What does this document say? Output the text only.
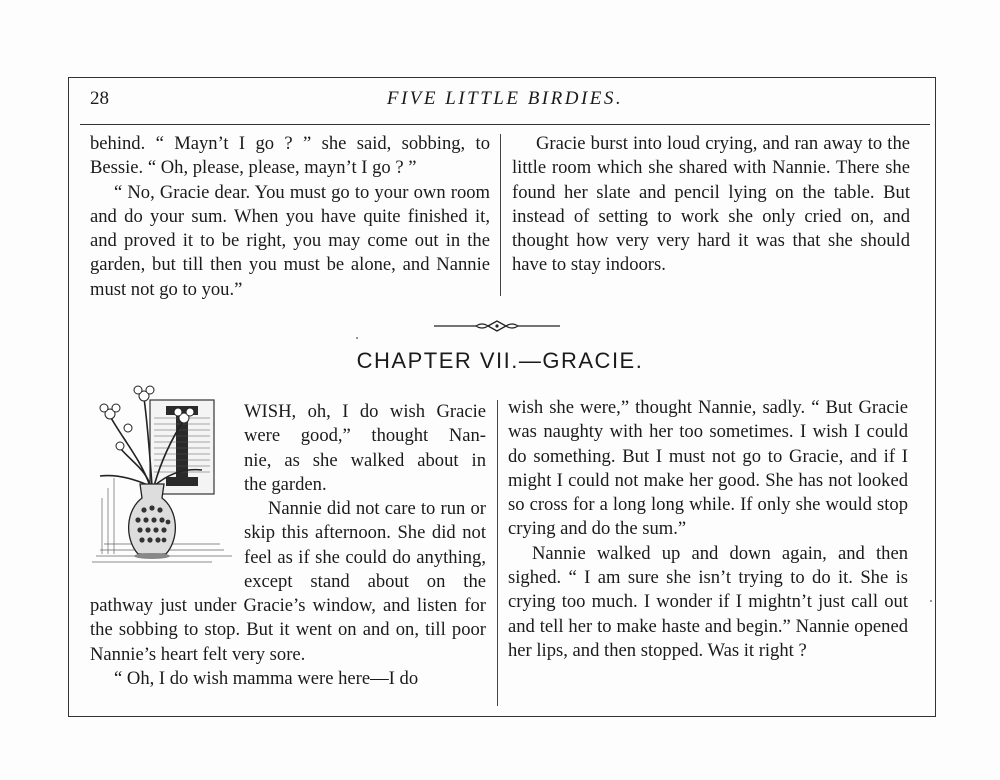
28	FIVE LITTLE BIRDIES.

behind. “ Mayn’t I go ? ” she said, sobbing, to Bessie. “ Oh, please, please, mayn’t I go ? ”

“ No, Gracie dear. You must go to your own room and do your sum. When you have quite finished it, and proved it to be right, you may come out in the garden, but till then you must be alone, and Nannie must not go to you.”

Gracie burst into loud crying, and ran away to the little room which she shared with Nannie. There she found her slate and pencil lying on the table. But instead of setting to work she only cried on, and thought how very very hard it was that she should have to stay indoors.

CHAPTER VII.—GRACIE.
WISH, oh, I do wish Gracie
were good,” thought Nan-
nie, as she walked about in
the garden.

Nannie did not care to run or skip this afternoon. She did not feel as if she could do anything, except stand about on the pathway just under Gracie’s window, and listen for the sobbing to stop. But it went on and on, till poor Nannie’s heart felt very sore.

“ Oh, I do wish mamma were here—I do

wish she were,” thought Nannie, sadly. “ But Gracie was naughty with her too sometimes. I wish I could do something. But I must not go to Gracie, and if I might I could not make her good. She has not looked so cross for a long long while. If only she would stop crying and do the sum.”

Nannie walked up and down again, and then sighed. “ I am sure she isn’t trying to do it. She is crying too much. I wonder if I mightn’t just call out and tell her to make haste and begin.” Nannie opened her lips, and then stopped. Was it right ?
